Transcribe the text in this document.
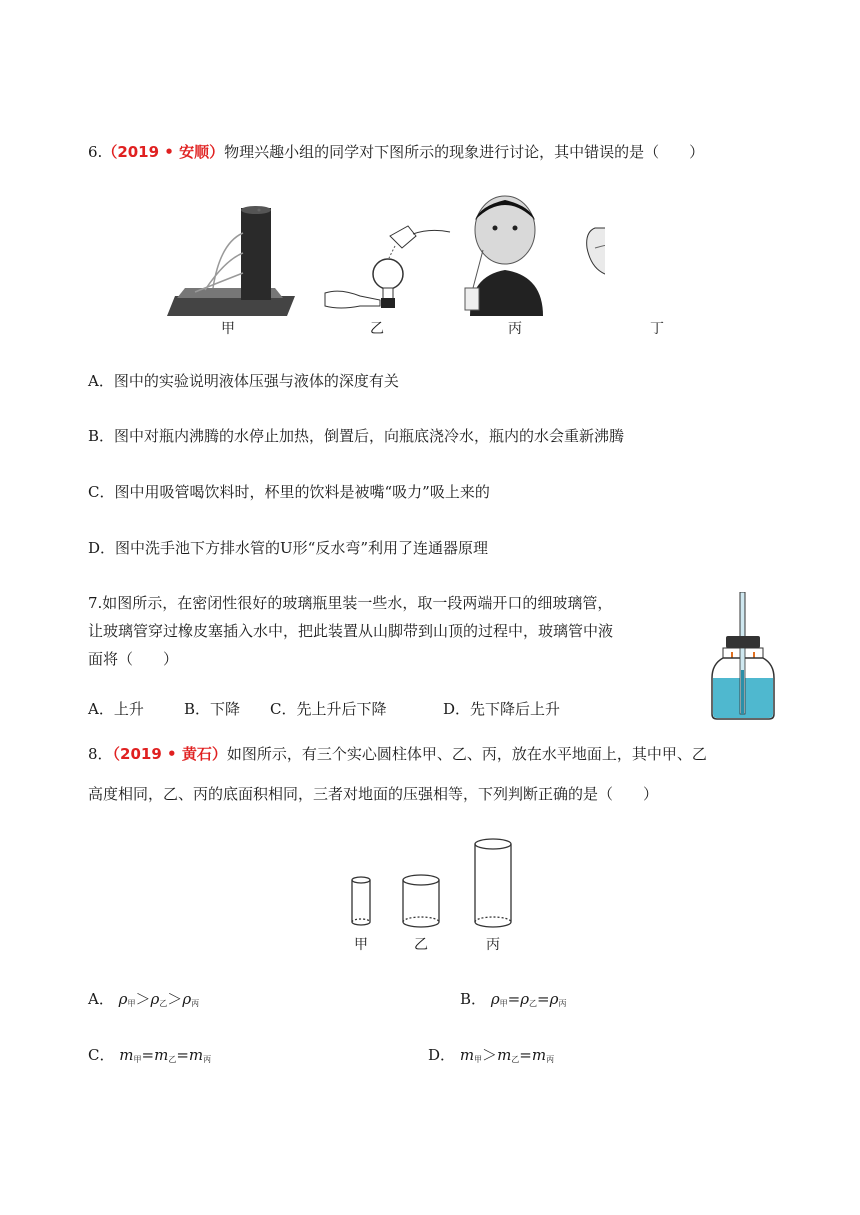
6.（2019 • 安顺）物理兴趣小组的同学对下图所示的现象进行讨论，其中错误的是（　　）
甲	乙	丙	丁
A．图中的实验说明液体压强与液体的深度有关
B．图中对瓶内沸腾的水停止加热，倒置后，向瓶底浇冷水，瓶内的水会重新沸腾
C．图中用吸管喝饮料时，杯里的饮料是被嘴“吸力”吸上来的
D．图中洗手池下方排水管的U形“反水弯”利用了连通器原理
7.如图所示，在密闭性很好的玻璃瓶里装一些水，取一段两端开口的细玻璃管，
让玻璃管穿过橡皮塞插入水中，把此装置从山脚带到山顶的过程中，玻璃管中液
面将（　　）
A．上升	B．下降 C．先上升后下降	D．先下降后上升
8．（2019 • 黄石）如图所示，有三个实心圆柱体甲、乙、丙，放在水平地面上，其中甲、乙
高度相同，乙、丙的底面积相同，三者对地面的压强相等，下列判断正确的是（　　）
甲	乙	丙
A． $\rho_甲>\rho_乙>\rho_丙$	B． $\rho_甲=\rho_乙=\rho_丙$
C． $m_甲=m_乙=m_丙$	D． $m_甲>m_乙=m_丙$
